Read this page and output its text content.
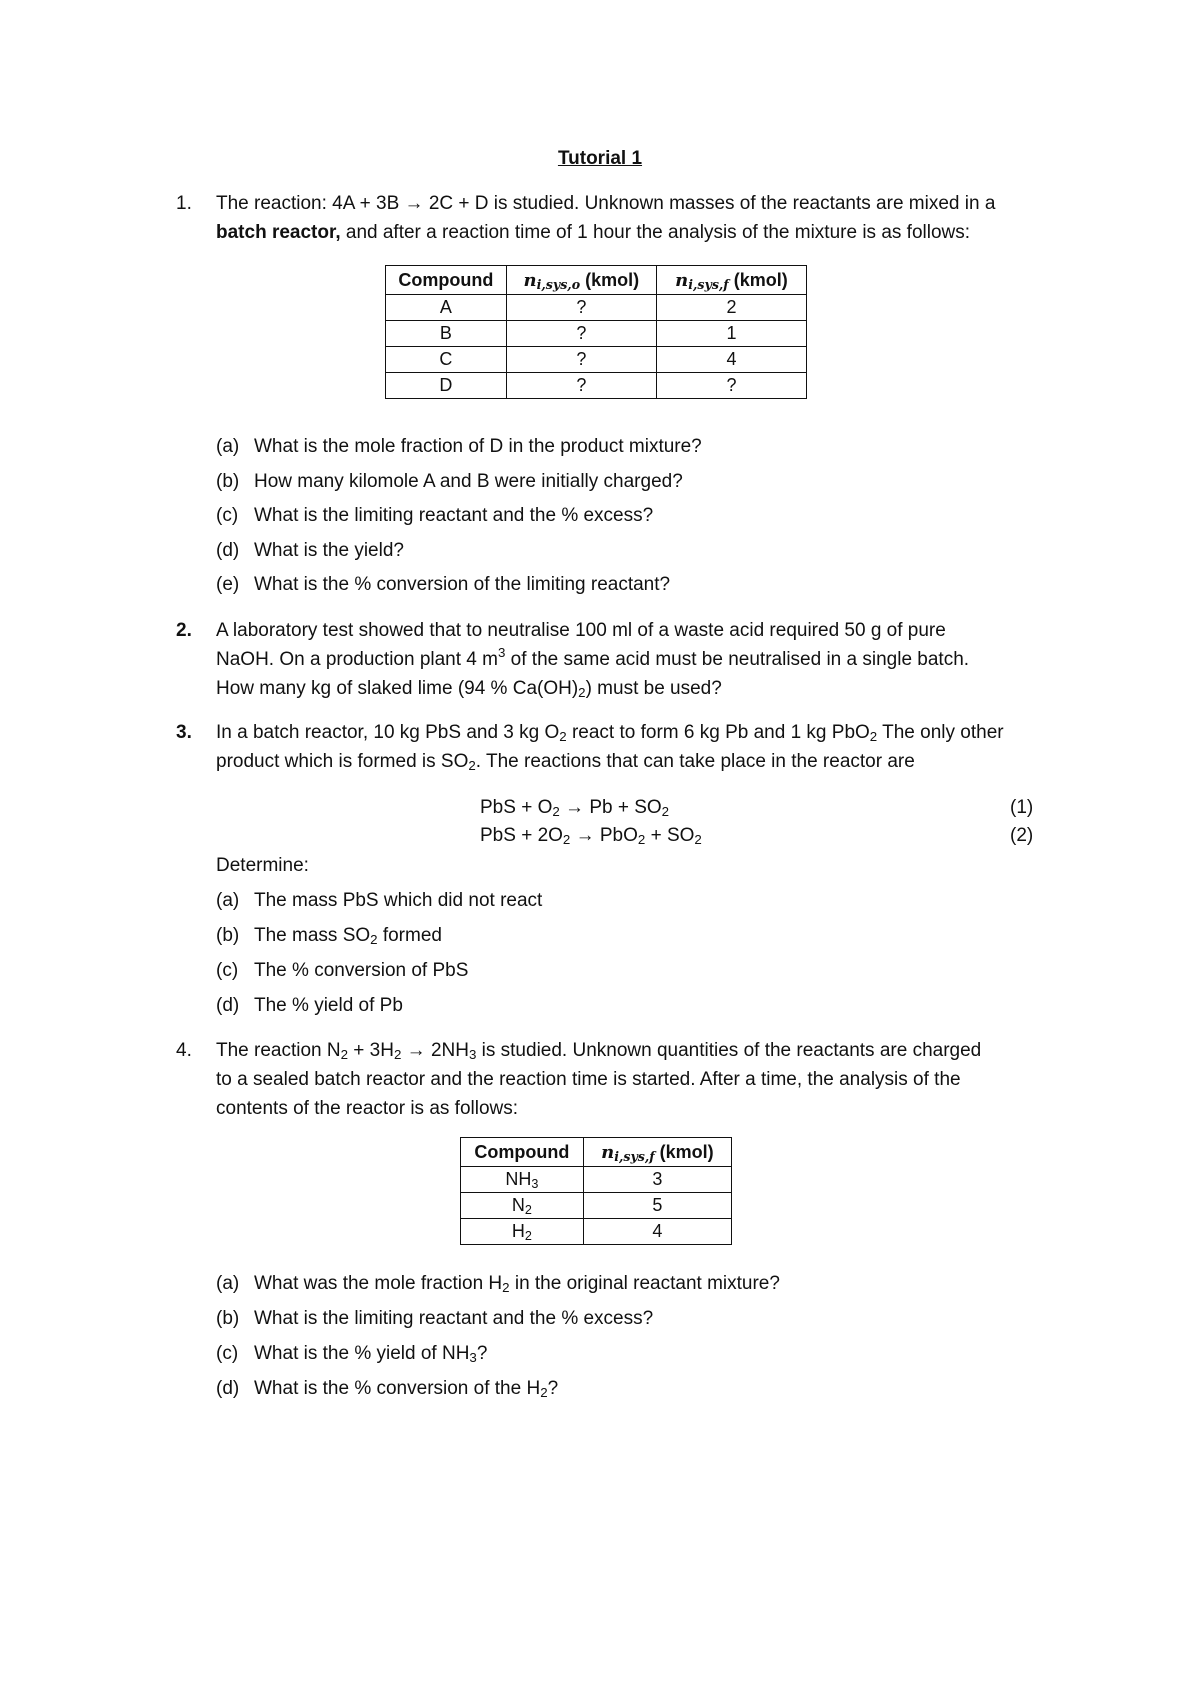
Tutorial 1
1. The reaction: 4A + 3B → 2C + D is studied. Unknown masses of the reactants are mixed in a
batch reactor, and after a reaction time of 1 hour the analysis of the mixture is as follows:
Compound	$n_{i,sys,o}$ (kmol)	$n_{i,sys,f}$ (kmol)
A	?	2
B	?	1
C	?	4
D	?	?
(a) What is the mole fraction of D in the product mixture?
(b) How many kilomole A and B were initially charged?
(c) What is the limiting reactant and the % excess?
(d) What is the yield?
(e) What is the % conversion of the limiting reactant?
2. A laboratory test showed that to neutralise 100 ml of a waste acid required 50 g of pure
NaOH. On a production plant 4 $m^3$ of the same acid must be neutralised in a single batch.
How many kg of slaked lime (94 % $Ca(OH)_2$) must be used?
3. In a batch reactor, 10 kg PbS and 3 kg $O_2$ react to form 6 kg Pb and 1 kg PbO$_2$ The only other
product which is formed is $SO_2$. The reactions that can take place in the reactor are
PbS + $O_2 \to Pb + SO_2$	(1)
PbS + $2O_2 \to PbO_2 + SO_2$	(2)
Determine:
(a) The mass PbS which did not react
(b) The mass $SO_2$ formed
(c) The % conversion of PbS
(d) The % yield of Pb
4. The reaction $N_2 + 3H_2 \to 2NH_3$ is studied. Unknown quantities of the reactants are charged
to a sealed batch reactor and the reaction time is started. After a time, the analysis of the
contents of the reactor is as follows:
Compound	$n_{i,sys,f}$ (kmol)
$NH_3$	3
$N_2$	5
$H_2$	4
(a) What was the mole fraction $H_2$ in the original reactant mixture?
(b) What is the limiting reactant and the % excess?
(c) What is the % yield of $NH_3$?
(d) What is the % conversion of the $H_2$?
